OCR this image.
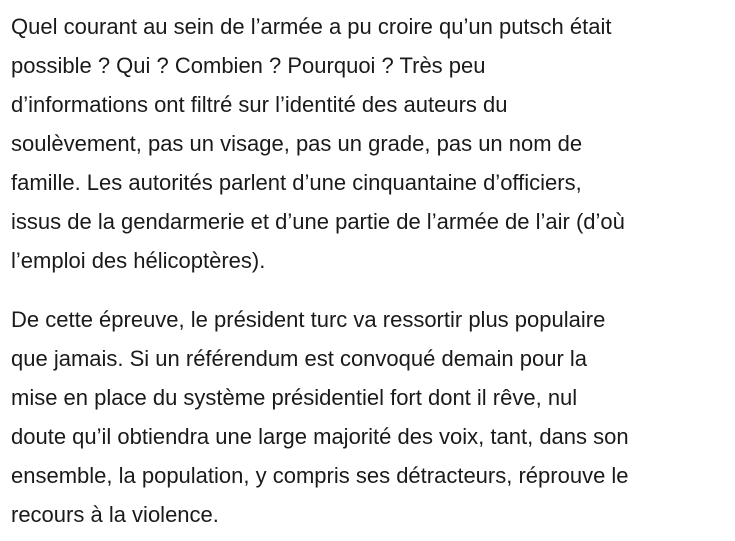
Quel courant au sein de l’armée a pu croire qu’un putsch était
possible ? Qui ? Combien ? Pourquoi ? Très peu
d’informations ont filtré sur l’identité des auteurs du
soulèvement, pas un visage, pas un grade, pas un nom de
famille. Les autorités parlent d’une cinquantaine d’officiers,
issus de la gendarmerie et d’une partie de l’armée de l’air (d’où
l’emploi des hélicoptères).

De cette épreuve, le président turc va ressortir plus populaire
que jamais. Si un référendum est convoqué demain pour la
mise en place du système présidentiel fort dont il rêve, nul
doute qu’il obtiendra une large majorité des voix, tant, dans son
ensemble, la population, y compris ses détracteurs, réprouve le
recours à la violence.
